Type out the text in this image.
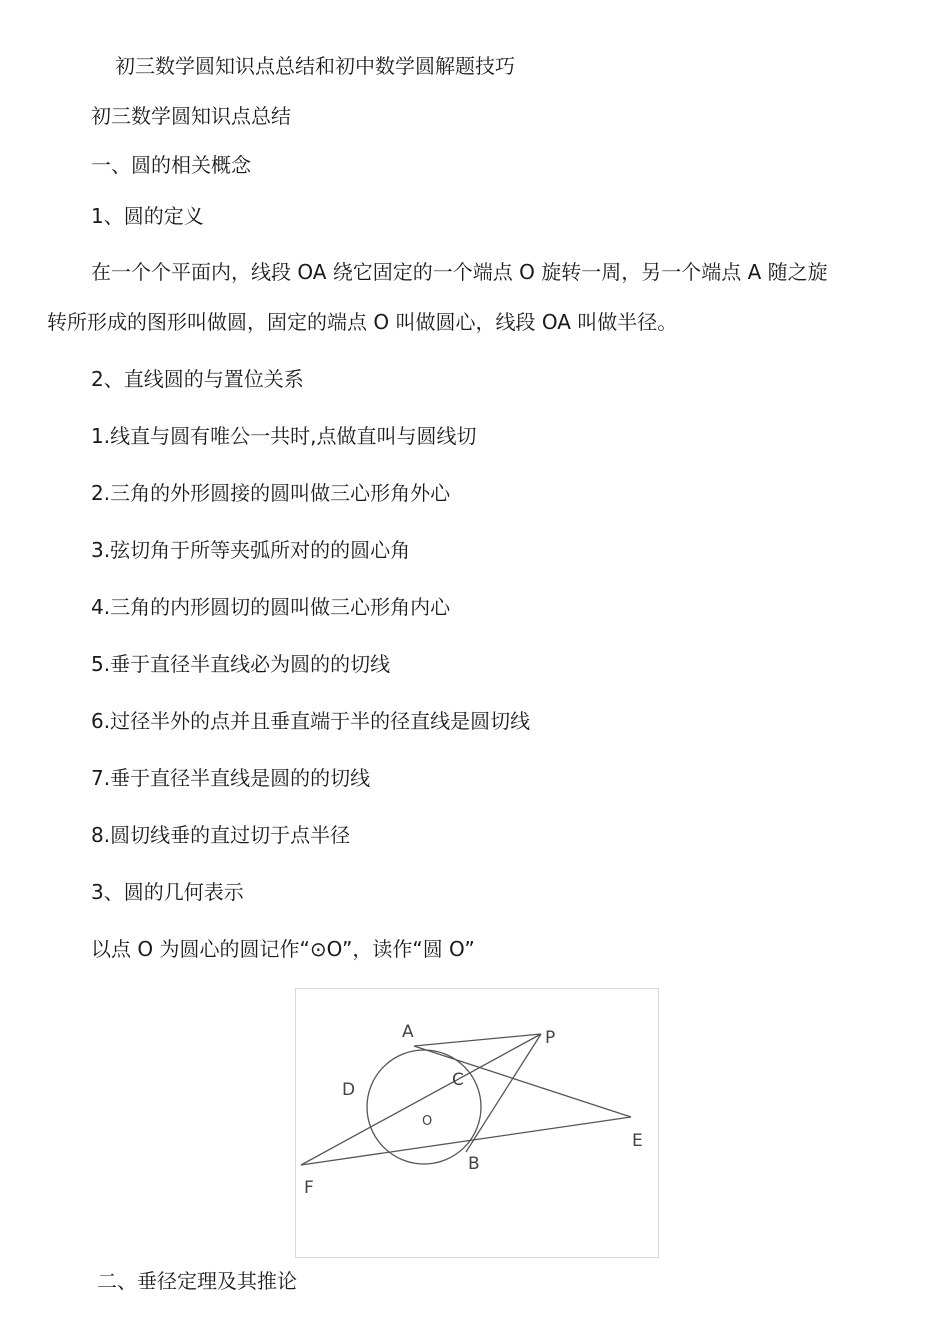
初三数学圆知识点总结和初中数学圆解题技巧
初三数学圆知识点总结
一、圆的相关概念
1、圆的定义
在一个个平面内，线段 OA 绕它固定的一个端点 O 旋转一周，另一个端点 A 随之旋
转所形成的图形叫做圆，固定的端点 O 叫做圆心，线段 OA 叫做半径。
2、直线圆的与置位关系
1.线直与圆有唯公一共时,点做直叫与圆线切
2.三角的外形圆接的圆叫做三心形角外心
3.弦切角于所等夹弧所对的的圆心角
4.三角的内形圆切的圆叫做三心形角内心
5.垂于直径半直线必为圆的的切线
6.过径半外的点并且垂直端于半的径直线是圆切线
7.垂于直径半直线是圆的的切线
8.圆切线垂的直过切于点半径
3、圆的几何表示
以点 O 为圆心的圆记作“⊙O”，读作“圆 O”
A	P
D	C
O
E
B
F
二、垂径定理及其推论
